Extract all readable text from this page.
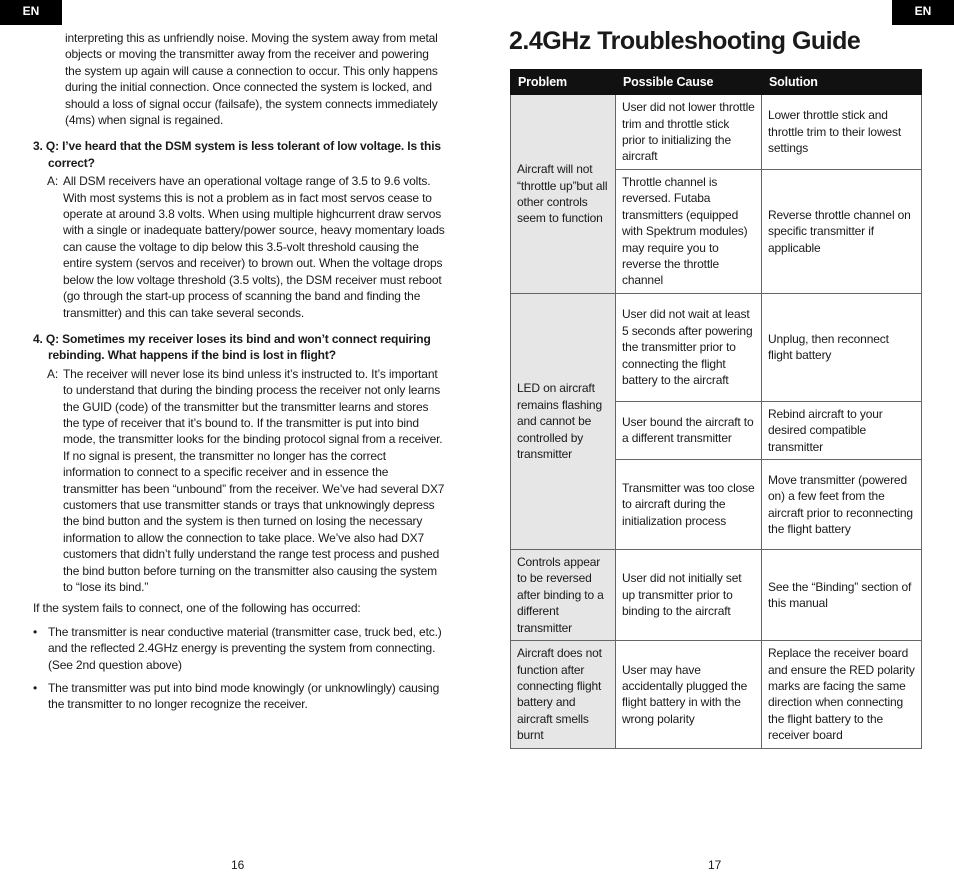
EN	EN
interpreting this as unfriendly noise. Moving the system away from metal objects or moving the transmitter away from the receiver and powering the system up again will cause a connection to occur. This only happens during the initial connection. Once connected the system is locked, and should a loss of signal occur (failsafe), the system connects immediately (4ms) when signal is regained.
3. Q: I’ve heard that the DSM system is less tolerant of low voltage. Is this correct?
A: All DSM receivers have an operational voltage range of 3.5 to 9.6 volts. With most systems this is not a problem as in fact most servos cease to operate at around 3.8 volts. When using multiple highcurrent draw servos with a single or inadequate battery/power source, heavy momentary loads can cause the voltage to dip below this 3.5-volt threshold causing the entire system (servos and receiver) to brown out. When the voltage drops below the low voltage threshold (3.5 volts), the DSM receiver must reboot (go through the start-up process of scanning the band and finding the transmitter) and this can take several seconds.
4. Q: Sometimes my receiver loses its bind and won’t connect requiring rebinding. What happens if the bind is lost in flight?
A: The receiver will never lose its bind unless it’s instructed to. It’s important to understand that during the binding process the receiver not only learns the GUID (code) of the transmitter but the transmitter learns and stores the type of receiver that it’s bound to. If the transmitter is put into bind mode, the transmitter looks for the binding protocol signal from a receiver. If no signal is present, the transmitter no longer has the correct information to connect to a specific receiver and in essence the transmitter has been “unbound” from the receiver. We’ve had several DX7 customers that use transmitter stands or trays that unknowingly depress the bind button and the system is then turned on losing the necessary information to allow the connection to take place. We’ve also had DX7 customers that didn’t fully understand the range test process and pushed the bind button before turning on the transmitter also causing the system to “lose its bind.”
If the system fails to connect, one of the following has occurred:
• The transmitter is near conductive material (transmitter case, truck bed, etc.) and the reflected 2.4GHz energy is preventing the system from connecting. (See 2nd question above)
• The transmitter was put into bind mode knowingly (or unknowlingly) causing the transmitter to no longer recognize the receiver.
16
2.4GHz Troubleshooting Guide
Problem	Possible Cause	Solution
Aircraft will not “throttle up”but all other controls seem to function	User did not lower throttle trim and throttle stick prior to initializing the aircraft	Lower throttle stick and throttle trim to their lowest settings
	Throttle channel is reversed. Futaba transmitters (equipped with Spektrum modules) may require you to reverse the throttle channel	Reverse throttle channel on specific transmitter if applicable
LED on aircraft remains flashing and cannot be controlled by transmitter	User did not wait at least 5 seconds after powering the transmitter prior to connecting the flight battery to the aircraft	Unplug, then reconnect flight battery
	User bound the aircraft to a different transmitter	Rebind aircraft to your desired compatible transmitter
	Transmitter was too close to aircraft during the initialization process	Move transmitter (powered on) a few feet from the aircraft prior to reconnecting the flight battery
Controls appear to be reversed after binding to a different transmitter	User did not initially set up transmitter prior to binding to the aircraft	See the “Binding” section of this manual
Aircraft does not function after connecting flight battery and aircraft smells burnt	User may have accidentally plugged the flight battery in with the wrong polarity	Replace the receiver board and ensure the RED polarity marks are facing the same direction when connecting the flight battery to the receiver board
17
